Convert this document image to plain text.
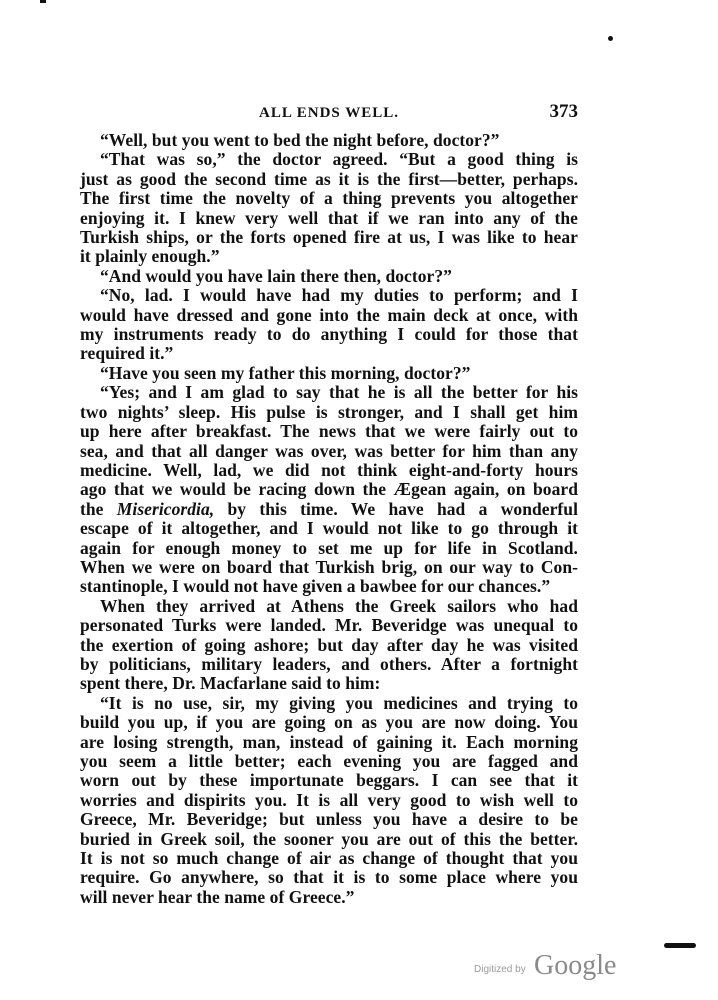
ALL ENDS WELL.	373

“Well, but you went to bed the night before, doctor?”

“That was so,” the doctor agreed. “But a good thing is
just as good the second time as it is the first—better, perhaps.
The first time the novelty of a thing prevents you altogether
enjoying it. I knew very well that if we ran into any of the
Turkish ships, or the forts opened fire at us, I was like to hear
it plainly enough.”

“And would you have lain there then, doctor?”

“No, lad. I would have had my duties to perform; and I
would have dressed and gone into the main deck at once, with
my instruments ready to do anything I could for those that
required it.”

“Have you seen my father this morning, doctor?”

“Yes; and I am glad to say that he is all the better for his
two nights’ sleep. His pulse is stronger, and I shall get him
up here after breakfast. The news that we were fairly out to
sea, and that all danger was over, was better for him than any
medicine. Well, lad, we did not think eight-and-forty hours
ago that we would be racing down the Ægean again, on board
the Misericordia, by this time. We have had a wonderful
escape of it altogether, and I would not like to go through it
again for enough money to set me up for life in Scotland.
When we were on board that Turkish brig, on our way to Con-
stantinople, I would not have given a bawbee for our chances.”

When they arrived at Athens the Greek sailors who had
personated Turks were landed. Mr. Beveridge was unequal to
the exertion of going ashore; but day after day he was visited
by politicians, military leaders, and others. After a fortnight
spent there, Dr. Macfarlane said to him:

“It is no use, sir, my giving you medicines and trying to
build you up, if you are going on as you are now doing. You
are losing strength, man, instead of gaining it. Each morning
you seem a little better; each evening you are fagged and
worn out by these importunate beggars. I can see that it
worries and dispirits you. It is all very good to wish well to
Greece, Mr. Beveridge; but unless you have a desire to be
buried in Greek soil, the sooner you are out of this the better.
It is not so much change of air as change of thought that you
require. Go anywhere, so that it is to some place where you
will never hear the name of Greece.”

Digitized by Google
